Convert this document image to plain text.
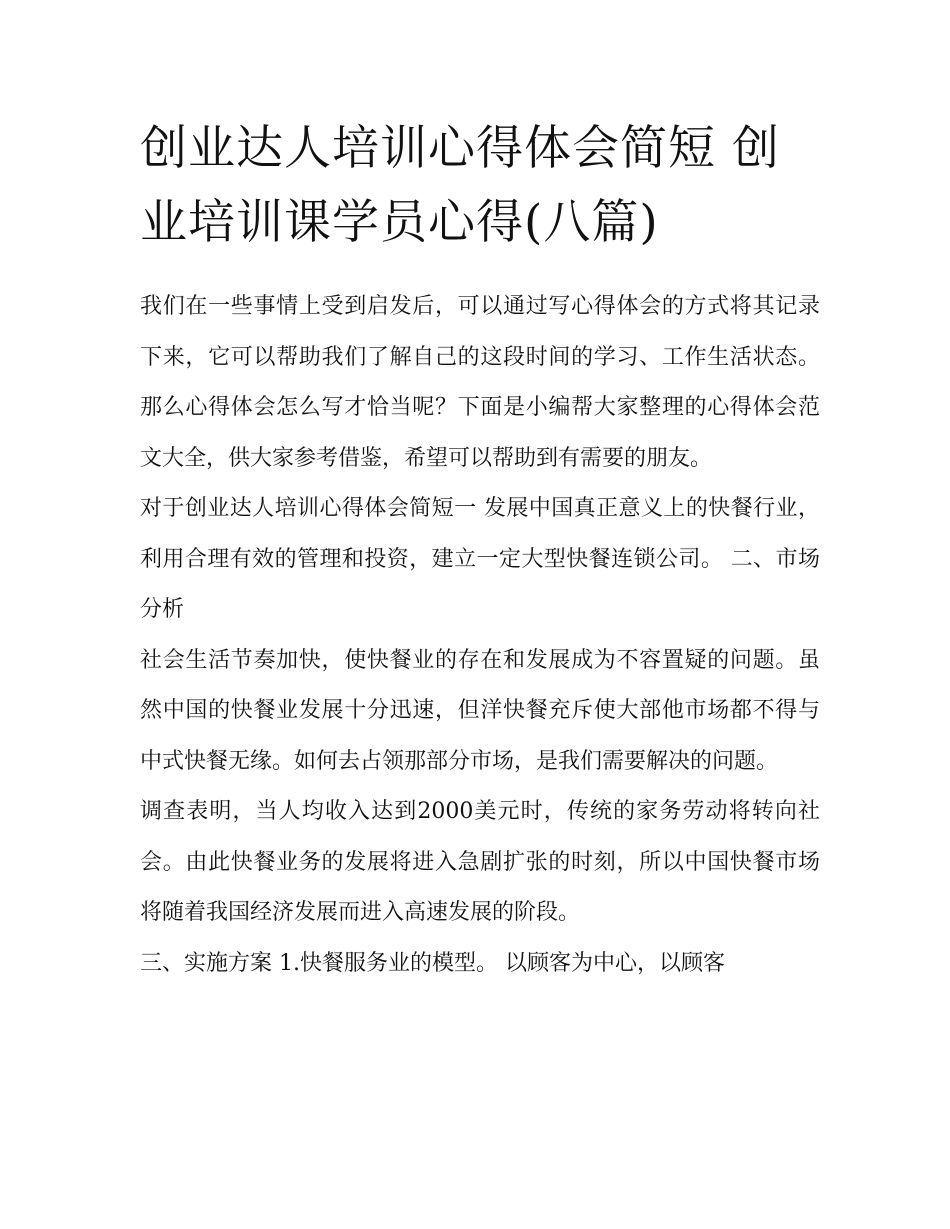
创业达人培训心得体会简短 创业培训课学员心得(八篇)

我们在一些事情上受到启发后，可以通过写心得体会的方式将其记录下来，它可以帮助我们了解自己的这段时间的学习、工作生活状态。那么心得体会怎么写才恰当呢？下面是小编帮大家整理的心得体会范文大全，供大家参考借鉴，希望可以帮助到有需要的朋友。

对于创业达人培训心得体会简短一 发展中国真正意义上的快餐行业，利用合理有效的管理和投资，建立一定大型快餐连锁公司。 二、市场分析

社会生活节奏加快，使快餐业的存在和发展成为不容置疑的问题。虽然中国的快餐业发展十分迅速，但洋快餐充斥使大部他市场都不得与中式快餐无缘。如何去占领那部分市场，是我们需要解决的问题。

调查表明，当人均收入达到2000美元时，传统的家务劳动将转向社会。由此快餐业务的发展将进入急剧扩张的时刻，所以中国快餐市场将随着我国经济发展而进入高速发展的阶段。

三、实施方案 1.快餐服务业的模型。 以顾客为中心，以顾客
